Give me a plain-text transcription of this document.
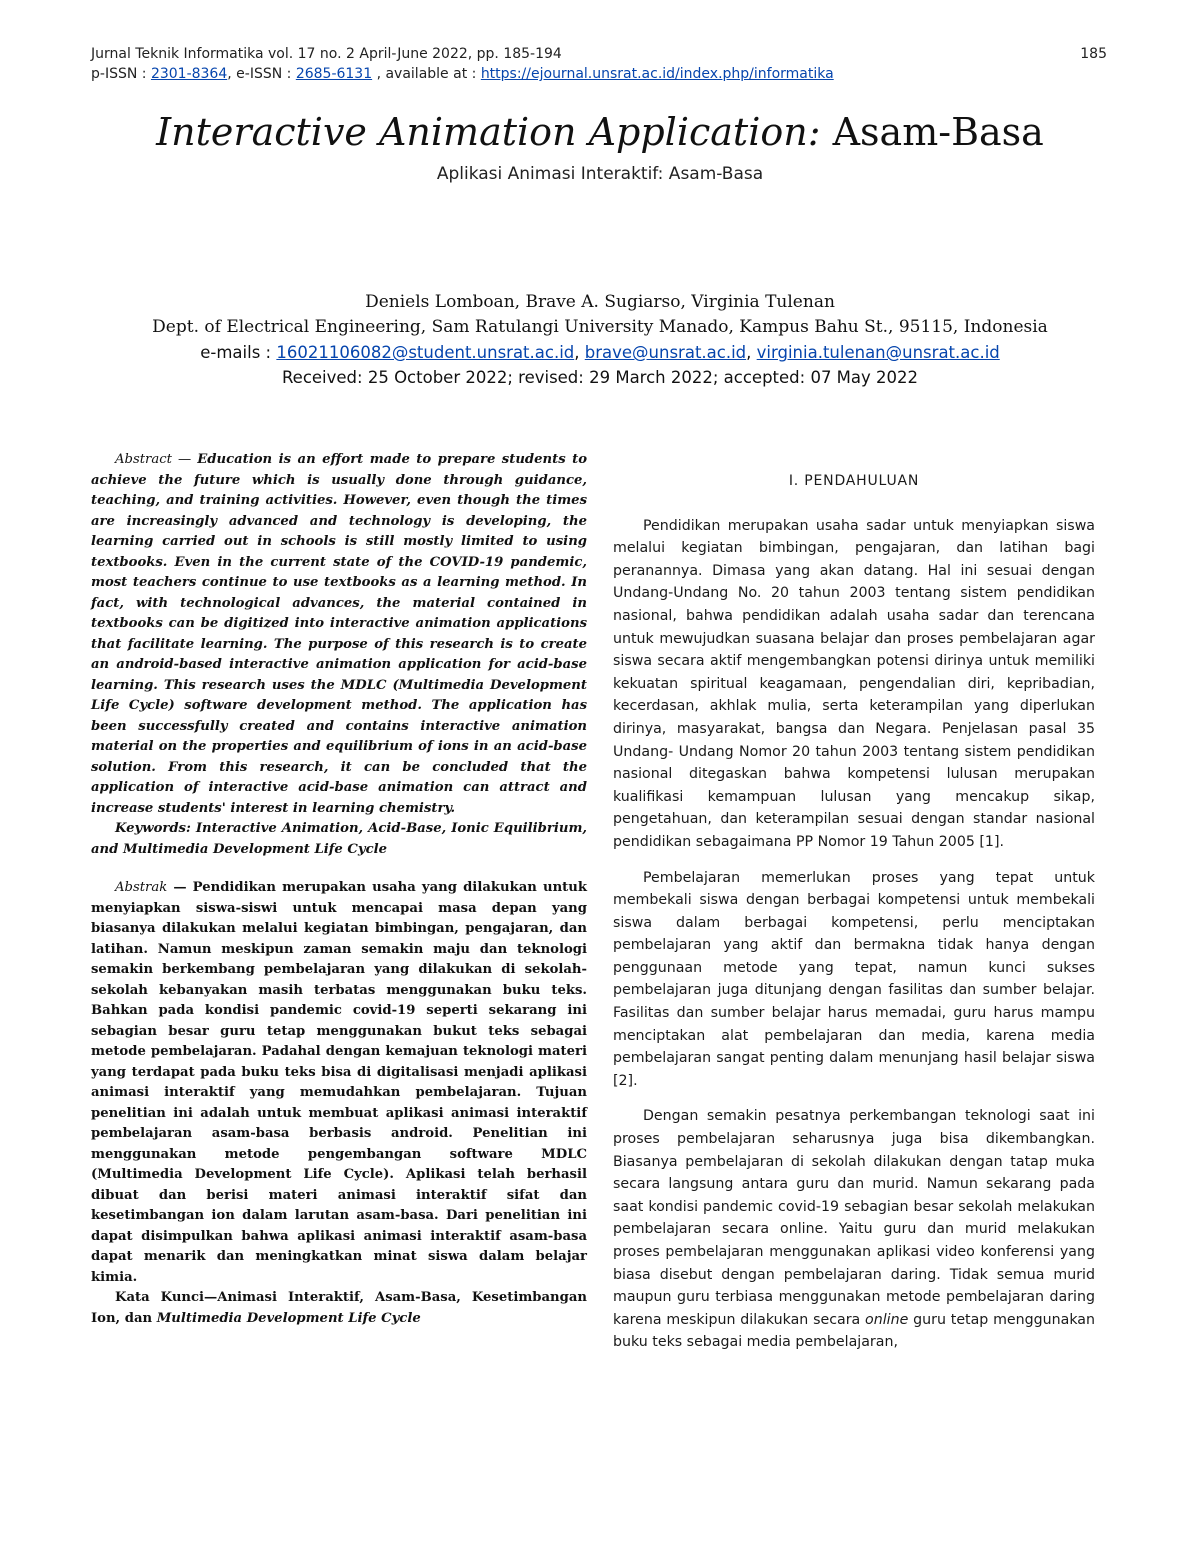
Jurnal Teknik Informatika vol. 17 no. 2 April-June 2022, pp. 185-194	185
p-ISSN : 2301-8364, e-ISSN : 2685-6131 , available at : https://ejournal.unsrat.ac.id/index.php/informatika
Interactive Animation Application: Asam-Basa
Aplikasi Animasi Interaktif: Asam-Basa
Deniels Lomboan, Brave A. Sugiarso, Virginia Tulenan
Dept. of Electrical Engineering, Sam Ratulangi University Manado, Kampus Bahu St., 95115, Indonesia
e-mails : 16021106082@student.unsrat.ac.id, brave@unsrat.ac.id, virginia.tulenan@unsrat.ac.id
Received: 25 October 2022; revised: 29 March 2022; accepted: 07 May 2022

Abstract — Education is an effort made to prepare students to achieve the future which is usually done through guidance, teaching, and training activities. However, even though the times are increasingly advanced and technology is developing, the learning carried out in schools is still mostly limited to using textbooks. Even in the current state of the COVID-19 pandemic, most teachers continue to use textbooks as a learning method. In fact, with technological advances, the material contained in textbooks can be digitized into interactive animation applications that facilitate learning. The purpose of this research is to create an android-based interactive animation application for acid-base learning. This research uses the MDLC (Multimedia Development Life Cycle) software development method. The application has been successfully created and contains interactive animation material on the properties and equilibrium of ions in an acid-base solution. From this research, it can be concluded that the application of interactive acid-base animation can attract and increase students' interest in learning chemistry.

Keywords: Interactive Animation, Acid-Base, Ionic Equilibrium, and Multimedia Development Life Cycle

Abstrak — Pendidikan merupakan usaha yang dilakukan untuk menyiapkan siswa-siswi untuk mencapai masa depan yang biasanya dilakukan melalui kegiatan bimbingan, pengajaran, dan latihan. Namun meskipun zaman semakin maju dan teknologi semakin berkembang pembelajaran yang dilakukan di sekolah-sekolah kebanyakan masih terbatas menggunakan buku teks. Bahkan pada kondisi pandemic covid-19 seperti sekarang ini sebagian besar guru tetap menggunakan bukut teks sebagai metode pembelajaran. Padahal dengan kemajuan teknologi materi yang terdapat pada buku teks bisa di digitalisasi menjadi aplikasi animasi interaktif yang memudahkan pembelajaran. Tujuan penelitian ini adalah untuk membuat aplikasi animasi interaktif pembelajaran asam-basa berbasis android. Penelitian ini menggunakan metode pengembangan software MDLC (Multimedia Development Life Cycle). Aplikasi telah berhasil dibuat dan berisi materi animasi interaktif sifat dan kesetimbangan ion dalam larutan asam-basa. Dari penelitian ini dapat disimpulkan bahwa aplikasi animasi interaktif asam-basa dapat menarik dan meningkatkan minat siswa dalam belajar kimia.

Kata Kunci—Animasi Interaktif, Asam-Basa, Kesetimbangan Ion, dan Multimedia Development Life Cycle

I. PENDAHULUAN

Pendidikan merupakan usaha sadar untuk menyiapkan siswa melalui kegiatan bimbingan, pengajaran, dan latihan bagi peranannya. Dimasa yang akan datang. Hal ini sesuai dengan Undang-Undang No. 20 tahun 2003 tentang sistem pendidikan nasional, bahwa pendidikan adalah usaha sadar dan terencana untuk mewujudkan suasana belajar dan proses pembelajaran agar siswa secara aktif mengembangkan potensi dirinya untuk memiliki kekuatan spiritual keagamaan, pengendalian diri, kepribadian, kecerdasan, akhlak mulia, serta keterampilan yang diperlukan dirinya, masyarakat, bangsa dan Negara. Penjelasan pasal 35 Undang- Undang Nomor 20 tahun 2003 tentang sistem pendidikan nasional ditegaskan bahwa kompetensi lulusan merupakan kualifikasi kemampuan lulusan yang mencakup sikap, pengetahuan, dan keterampilan sesuai dengan standar nasional pendidikan sebagaimana PP Nomor 19 Tahun 2005 [1].

Pembelajaran memerlukan proses yang tepat untuk membekali siswa dengan berbagai kompetensi untuk membekali siswa dalam berbagai kompetensi, perlu menciptakan pembelajaran yang aktif dan bermakna tidak hanya dengan penggunaan metode yang tepat, namun kunci sukses pembelajaran juga ditunjang dengan fasilitas dan sumber belajar. Fasilitas dan sumber belajar harus memadai, guru harus mampu menciptakan alat pembelajaran dan media, karena media pembelajaran sangat penting dalam menunjang hasil belajar siswa [2].

Dengan semakin pesatnya perkembangan teknologi saat ini proses pembelajaran seharusnya juga bisa dikembangkan. Biasanya pembelajaran di sekolah dilakukan dengan tatap muka secara langsung antara guru dan murid. Namun sekarang pada saat kondisi pandemic covid-19 sebagian besar sekolah melakukan pembelajaran secara online. Yaitu guru dan murid melakukan proses pembelajaran menggunakan aplikasi video konferensi yang biasa disebut dengan pembelajaran daring. Tidak semua murid maupun guru terbiasa menggunakan metode pembelajaran daring karena meskipun dilakukan secara online guru tetap menggunakan buku teks sebagai media pembelajaran,
